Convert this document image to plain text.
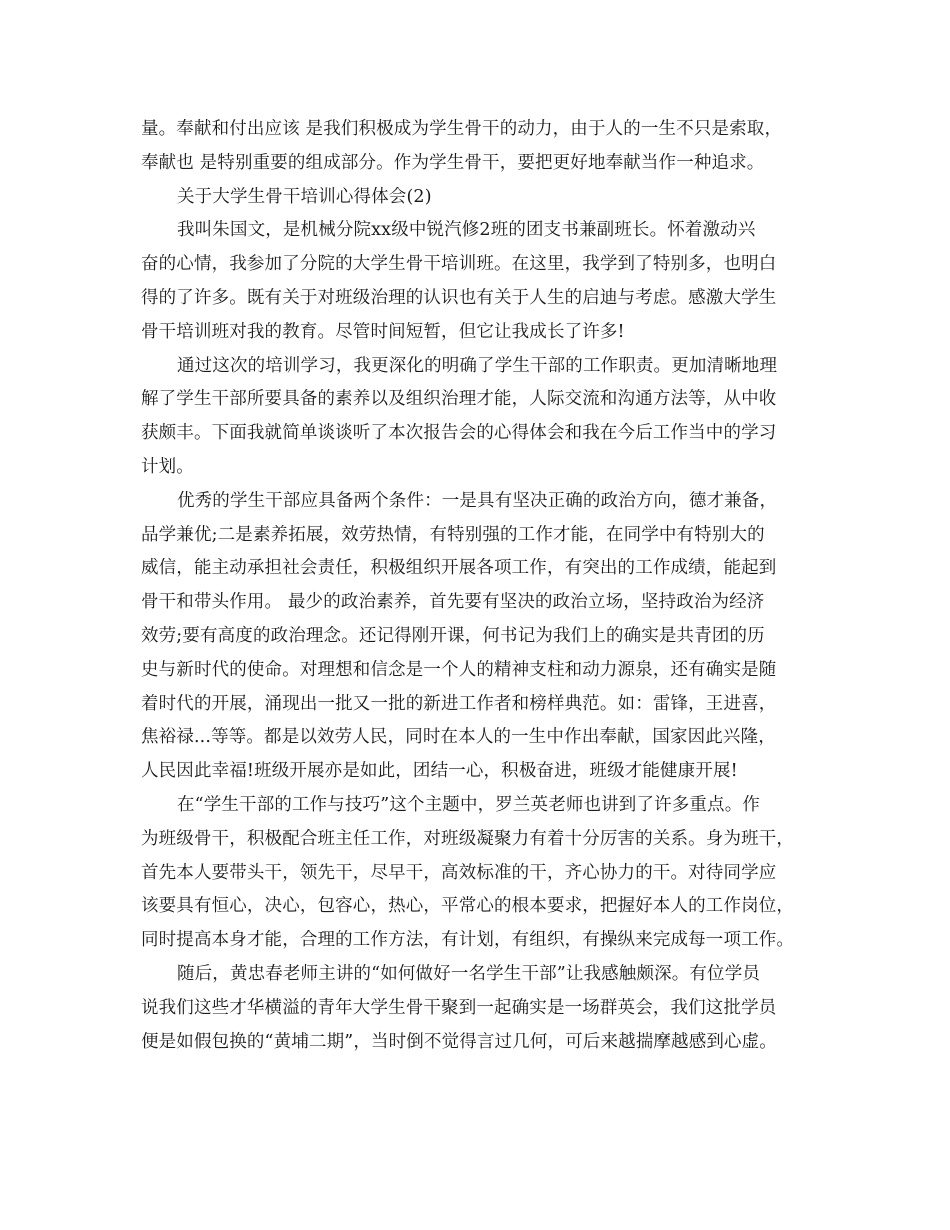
量。奉献和付出应该 是我们积极成为学生骨干的动力，由于人的一生不只是索取，
奉献也 是特别重要的组成部分。作为学生骨干，要把更好地奉献当作一种追求。
关于大学生骨干培训心得体会(2)
我叫朱国文，是机械分院xx级中锐汽修2班的团支书兼副班长。怀着激动兴
奋的心情，我参加了分院的大学生骨干培训班。在这里，我学到了特别多，也明白
得的了许多。既有关于对班级治理的认识也有关于人生的启迪与考虑。感激大学生
骨干培训班对我的教育。尽管时间短暂，但它让我成长了许多!
通过这次的培训学习，我更深化的明确了学生干部的工作职责。更加清晰地理
解了学生干部所要具备的素养以及组织治理才能，人际交流和沟通方法等，从中收
获颇丰。下面我就简单谈谈听了本次报告会的心得体会和我在今后工作当中的学习
计划。
优秀的学生干部应具备两个条件：一是具有坚决正确的政治方向，德才兼备，
品学兼优;二是素养拓展，效劳热情，有特别强的工作才能，在同学中有特别大的
威信，能主动承担社会责任，积极组织开展各项工作，有突出的工作成绩，能起到
骨干和带头作用。 最少的政治素养，首先要有坚决的政治立场，坚持政治为经济
效劳;要有高度的政治理念。还记得刚开课，何书记为我们上的确实是共青团的历
史与新时代的使命。对理想和信念是一个人的精神支柱和动力源泉，还有确实是随
着时代的开展，涌现出一批又一批的新进工作者和榜样典范。如：雷锋，王进喜，
焦裕禄...等等。都是以效劳人民，同时在本人的一生中作出奉献，国家因此兴隆，
人民因此幸福!班级开展亦是如此，团结一心，积极奋进，班级才能健康开展!
在“学生干部的工作与技巧”这个主题中，罗兰英老师也讲到了许多重点。作
为班级骨干，积极配合班主任工作，对班级凝聚力有着十分厉害的关系。身为班干，
首先本人要带头干，领先干，尽早干，高效标准的干，齐心协力的干。对待同学应
该要具有恒心，决心，包容心，热心，平常心的根本要求，把握好本人的工作岗位，
同时提高本身才能，合理的工作方法，有计划，有组织，有操纵来完成每一项工作。
随后，黄忠春老师主讲的“如何做好一名学生干部”让我感触颇深。有位学员
说我们这些才华横溢的青年大学生骨干聚到一起确实是一场群英会，我们这批学员
便是如假包换的“黄埔二期”，当时倒不觉得言过几何，可后来越揣摩越感到心虚。
